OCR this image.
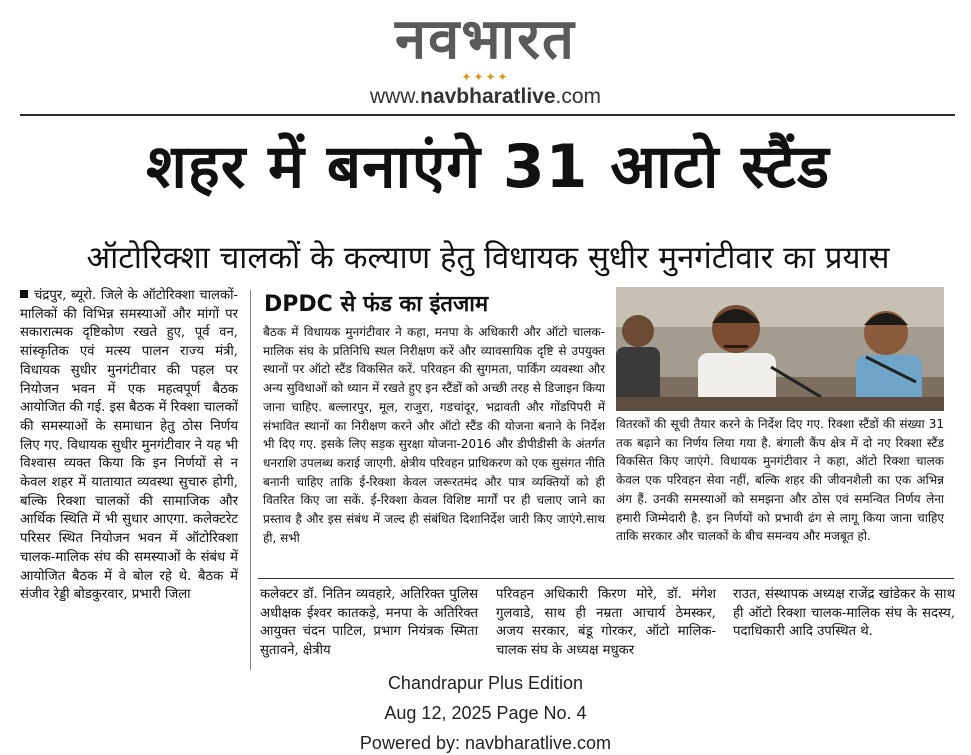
नवभारत
✦✦✦✦
www.navbharatlive.com
शहर में बनाएंगे 31 आटो स्टैंड
ऑटोरिक्शा चालकों के कल्याण हेतु विधायक सुधीर मुनगंटीवार का प्रयास
चंद्रपुर, ब्यूरो. जिले के ऑटोरिक्शा चालकों-मालिकों की विभिन्न समस्याओं और मांगों पर सकारात्मक दृष्टिकोण रखते हुए, पूर्व वन, सांस्कृतिक एवं मत्स्य पालन राज्य मंत्री, विधायक सुधीर मुनगंटीवार की पहल पर नियोजन भवन में एक महत्वपूर्ण बैठक आयोजित की गई. इस बैठक में रिक्शा चालकों की समस्याओं के समाधान हेतु ठोस निर्णय लिए गए. विधायक सुधीर मुनगंटीवार ने यह भी विश्वास व्यक्त किया कि इन निर्णयों से न केवल शहर में यातायात व्यवस्था सुचारु होगी, बल्कि रिक्शा चालकों की सामाजिक और आर्थिक स्थिति में भी सुधार आएगा. कलेक्टरेट परिसर स्थित नियोजन भवन में ऑटोरिक्शा चालक-मालिक संघ की समस्याओं के संबंध में आयोजित बैठक में वे बोल रहे थे. बैठक में संजीव रेड्डी बोडकुरवार, प्रभारी जिला
DPDC से फंड का इंतजाम
बैठक में विधायक मुनगंटीवार ने कहा, मनपा के अधिकारी और ऑटो चालक-मालिक संघ के प्रतिनिधि स्थल निरीक्षण करें और व्यावसायिक दृष्टि से उपयुक्त स्थानों पर ऑटो स्टैंड विकसित करें. परिवहन की सुगमता, पार्किंग व्यवस्था और अन्य सुविधाओं को ध्यान में रखते हुए इन स्टैंडों को अच्छी तरह से डिजाइन किया जाना चाहिए. बल्लारपुर, मूल, राजुरा, गडचांदूर, भद्रावती और गोंडपिपरी में संभावित स्थानों का निरीक्षण करने और ऑटो स्टैंड की योजना बनाने के निर्देश भी दिए गए. इसके लिए सड़क सुरक्षा योजना-2016 और डीपीडीसी के अंतर्गत धनराशि उपलब्ध कराई जाएगी. क्षेत्रीय परिवहन प्राधिकरण को एक सुसंगत नीति बनानी चाहिए ताकि ई-रिक्शा केवल जरूरतमंद और पात्र व्यक्तियों को ही वितरित किए जा सकें. ई-रिक्शा केवल विशिष्ट मार्गों पर ही चलाए जाने का प्रस्ताव है और इस संबंध में जल्द ही संबंधित दिशानिर्देश जारी किए जाएंगे.साथ ही, सभी
वितरकों की सूची तैयार करने के निर्देश दिए गए. रिक्शा स्टैंडों की संख्या 31 तक बढ़ाने का निर्णय लिया गया है. बंगाली कैंप क्षेत्र में दो नए रिक्शा स्टैंड विकसित किए जाएंगे. विधायक मुनगंटीवार ने कहा, ऑटो रिक्शा चालक केवल एक परिवहन सेवा नहीं, बल्कि शहर की जीवनशैली का एक अभिन्न अंग हैं. उनकी समस्याओं को समझना और ठोस एवं समन्वित निर्णय लेना हमारी जिम्मेदारी है. इन निर्णयों को प्रभावी ढंग से लागू किया जाना चाहिए ताकि सरकार और चालकों के बीच समन्वय और मजबूत हो.
कलेक्टर डॉ. नितिन व्यवहारे, अतिरिक्त पुलिस अधीक्षक ईश्वर कातकड़े, मनपा के अतिरिक्त आयुक्त चंदन पाटिल, प्रभाग नियंत्रक स्मिता सुतावने, क्षेत्रीय
परिवहन अधिकारी किरण मोरे, डॉ. मंगेश गुलवाडे, साथ ही नम्रता आचार्य ठेमस्कर, अजय सरकार, बंडू गोरकर, ऑटो मालिक-चालक संघ के अध्यक्ष मधुकर
राउत, संस्थापक अध्यक्ष राजेंद्र खांडेकर के साथ ही ऑटो रिक्शा चालक-मालिक संघ के सदस्य, पदाधिकारी आदि उपस्थित थे.
Chandrapur Plus Edition
Aug 12, 2025 Page No. 4
Powered by: navbharatlive.com
